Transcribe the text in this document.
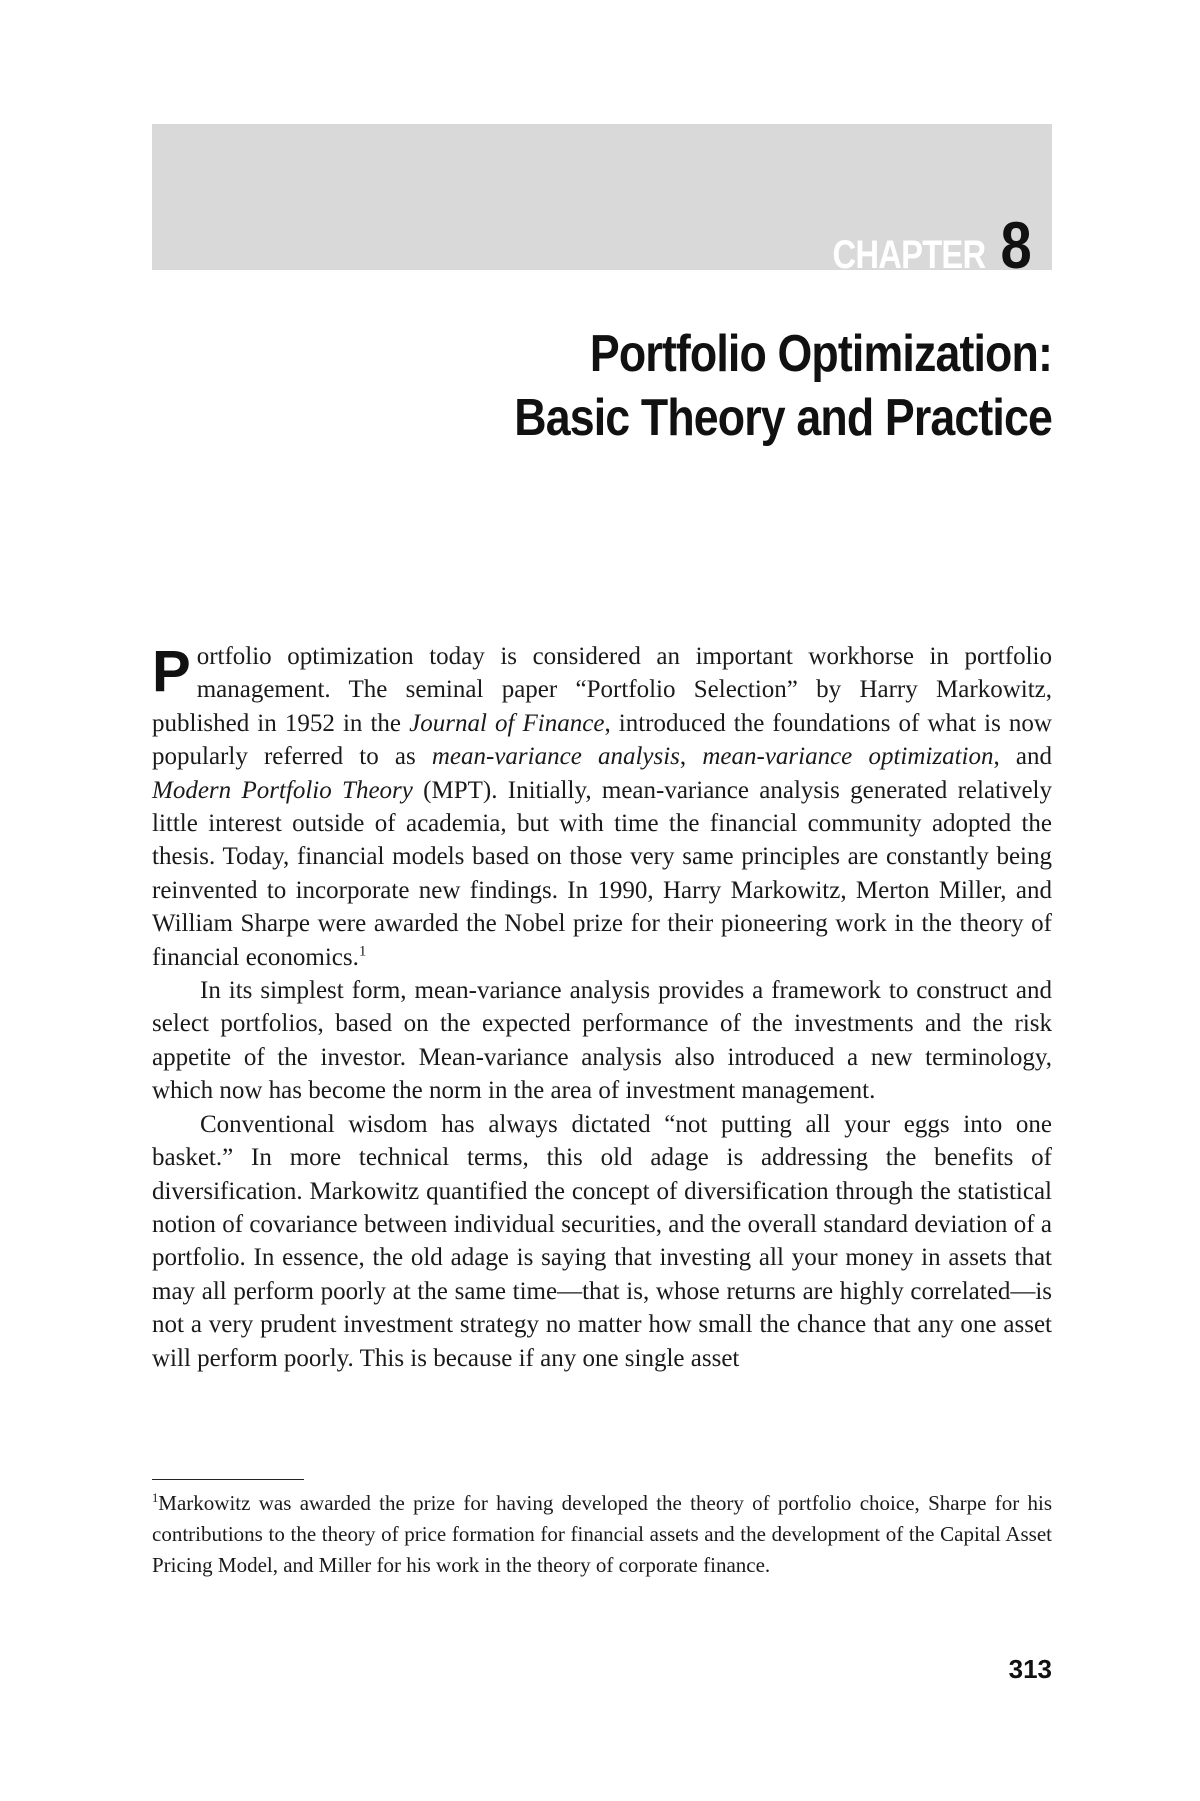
CHAPTER 8
Portfolio Optimization:
Basic Theory and Practice

Portfolio optimization today is considered an important workhorse in portfolio management. The seminal paper “Portfolio Selection” by Harry Markowitz, published in 1952 in the Journal of Finance, introduced the foundations of what is now popularly referred to as mean-variance analysis, mean-variance optimization, and Modern Portfolio Theory (MPT). Initially, mean-variance analysis generated relatively little interest outside of academia, but with time the financial community adopted the thesis. Today, financial models based on those very same principles are constantly being reinvented to incorporate new findings. In 1990, Harry Markowitz, Merton Miller, and William Sharpe were awarded the Nobel prize for their pioneering work in the theory of financial economics.$^1$

In its simplest form, mean-variance analysis provides a framework to construct and select portfolios, based on the expected performance of the investments and the risk appetite of the investor. Mean-variance analysis also introduced a new terminology, which now has become the norm in the area of investment management.

Conventional wisdom has always dictated “not putting all your eggs into one basket.” In more technical terms, this old adage is addressing the benefits of diversification. Markowitz quantified the concept of diversification through the statistical notion of covariance between individual securities, and the overall standard deviation of a portfolio. In essence, the old adage is saying that investing all your money in assets that may all perform poorly at the same time—that is, whose returns are highly correlated—is not a very prudent investment strategy no matter how small the chance that any one asset will perform poorly. This is because if any one single asset

$^1$Markowitz was awarded the prize for having developed the theory of portfolio choice, Sharpe for his contributions to the theory of price formation for financial assets and the development of the Capital Asset Pricing Model, and Miller for his work in the theory of corporate finance.
313
